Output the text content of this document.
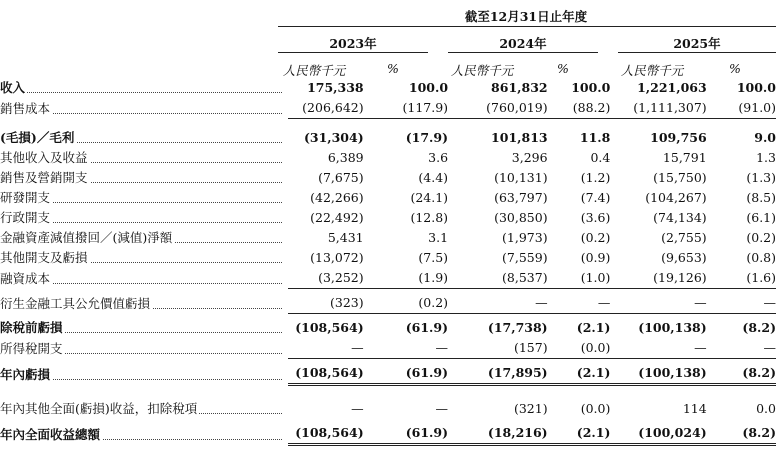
截至12月31日止年度
2023年	2024年	2025年
人民幣千元	%	人民幣千元	%	人民幣千元	%
收入	175,338	100.0	861,832	100.0	1,221,063	100.0

銷售成本	(206,642)	(117.9)	(760,019)	(88.2)	(1,111,307)	(91.0)

(毛損)／毛利	(31,304)	(17.9)	101,813	11.8	109,756	9.0

其他收入及收益	6,389	3.6	3,296	0.4	15,791	1.3

銷售及營銷開支	(7,675)	(4.4)	(10,131)	(1.2)	(15,750)	(1.3)

研發開支	(42,266)	(24.1)	(63,797)	(7.4)	(104,267)	(8.5)

行政開支	(22,492)	(12.8)	(30,850)	(3.6)	(74,134)	(6.1)

金融資產減值撥回／(減值)淨額	5,431	3.1	(1,973)	(0.2)	(2,755)	(0.2)

其他開支及虧損	(13,072)	(7.5)	(7,559)	(0.9)	(9,653)	(0.8)

融資成本	(3,252)	(1.9)	(8,537)	(1.0)	(19,126)	(1.6)

衍生金融工具公允價值虧損	(323)	(0.2)	—	—	—	—

除稅前虧損	(108,564)	(61.9)	(17,738)	(2.1)	(100,138)	(8.2)

所得稅開支	—	—	(157)	(0.0)	—	—

年內虧損	(108,564)	(61.9)	(17,895)	(2.1)	(100,138)	(8.2)

年內其他全面(虧損)收益，扣除稅項	—	—	(321)	(0.0)	114	0.0

年內全面收益總額	(108,564)	(61.9)	(18,216)	(2.1)	(100,024)	(8.2)
